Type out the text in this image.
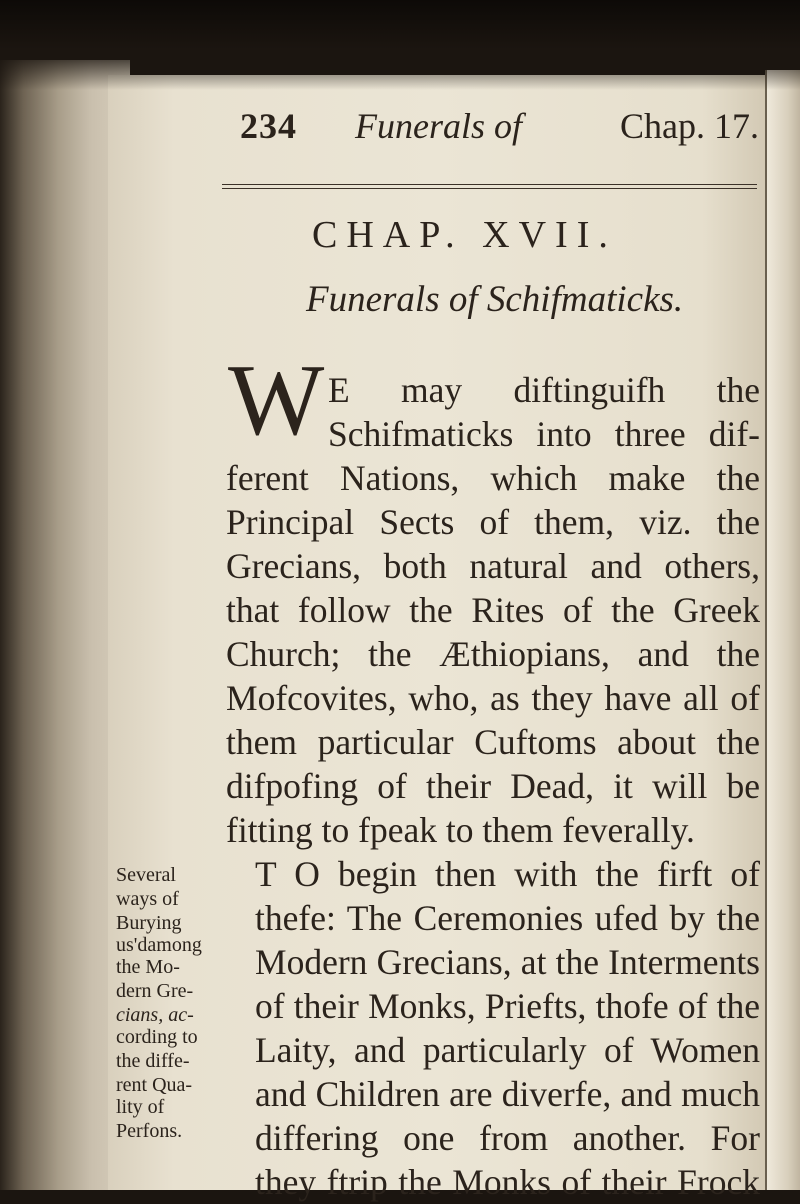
234 Funerals of	Chap. 17.
CHAP. XVII.
Funerals of Schifmaticks.
W E may diftinguifh the
Schifmaticks into three dif-
ferent Nations, which make the
Principal Sects of them, viz. the
Grecians, both natural and others,
that follow the Rites of the Greek
Church; the Æthiopians, and the
Mofcovites, who, as they have all of
them particular Cuftoms about the
difpofing of their Dead, it will be
fitting to fpeak to them feverally.
T O begin then with the firft of
thefe: The Ceremonies ufed by the
Modern Grecians, at the Interments
of their Monks, Priefts, thofe of the
Laity, and particularly of Women
and Children are diverfe, and much
differing one from another. For
they ftrip the Monks of their Frock
Several
ways of
Burying
us'damong
the Mo-
dern Gre-
cians, ac-
cording to
the diffe-
rent Qua-
lity of
Perfons.
